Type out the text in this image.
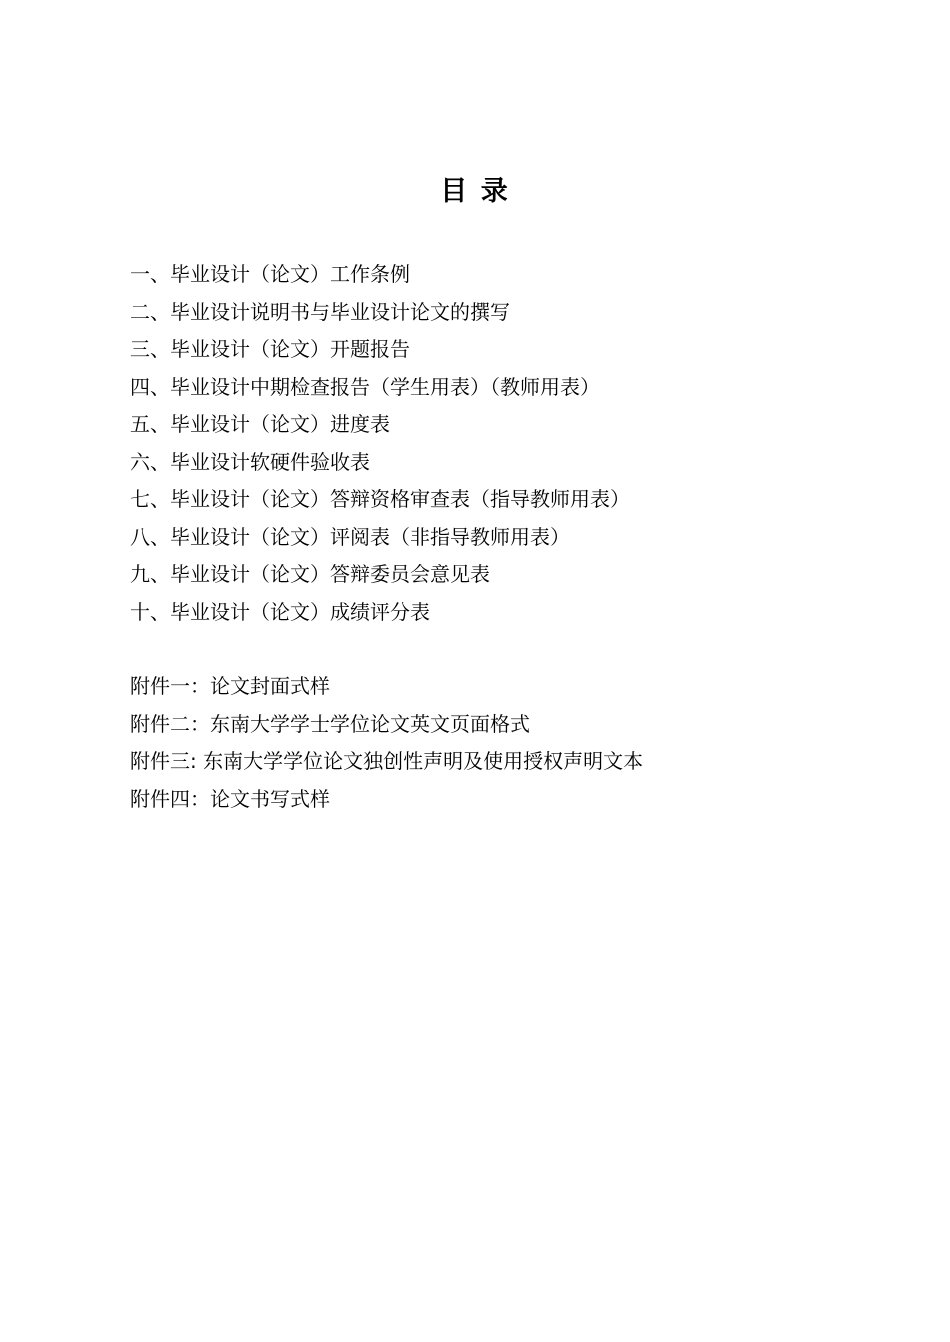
目 录
一、毕业设计（论文）工作条例
二、毕业设计说明书与毕业设计论文的撰写
三、毕业设计（论文）开题报告
四、毕业设计中期检查报告（学生用表）（教师用表）
五、毕业设计（论文）进度表
六、毕业设计软硬件验收表
七、毕业设计（论文）答辩资格审查表（指导教师用表）
八、毕业设计（论文）评阅表（非指导教师用表）
九、毕业设计（论文）答辩委员会意见表
十、毕业设计（论文）成绩评分表
附件一：论文封面式样
附件二：东南大学学士学位论文英文页面格式
附件三: 东南大学学位论文独创性声明及使用授权声明文本
附件四：论文书写式样
